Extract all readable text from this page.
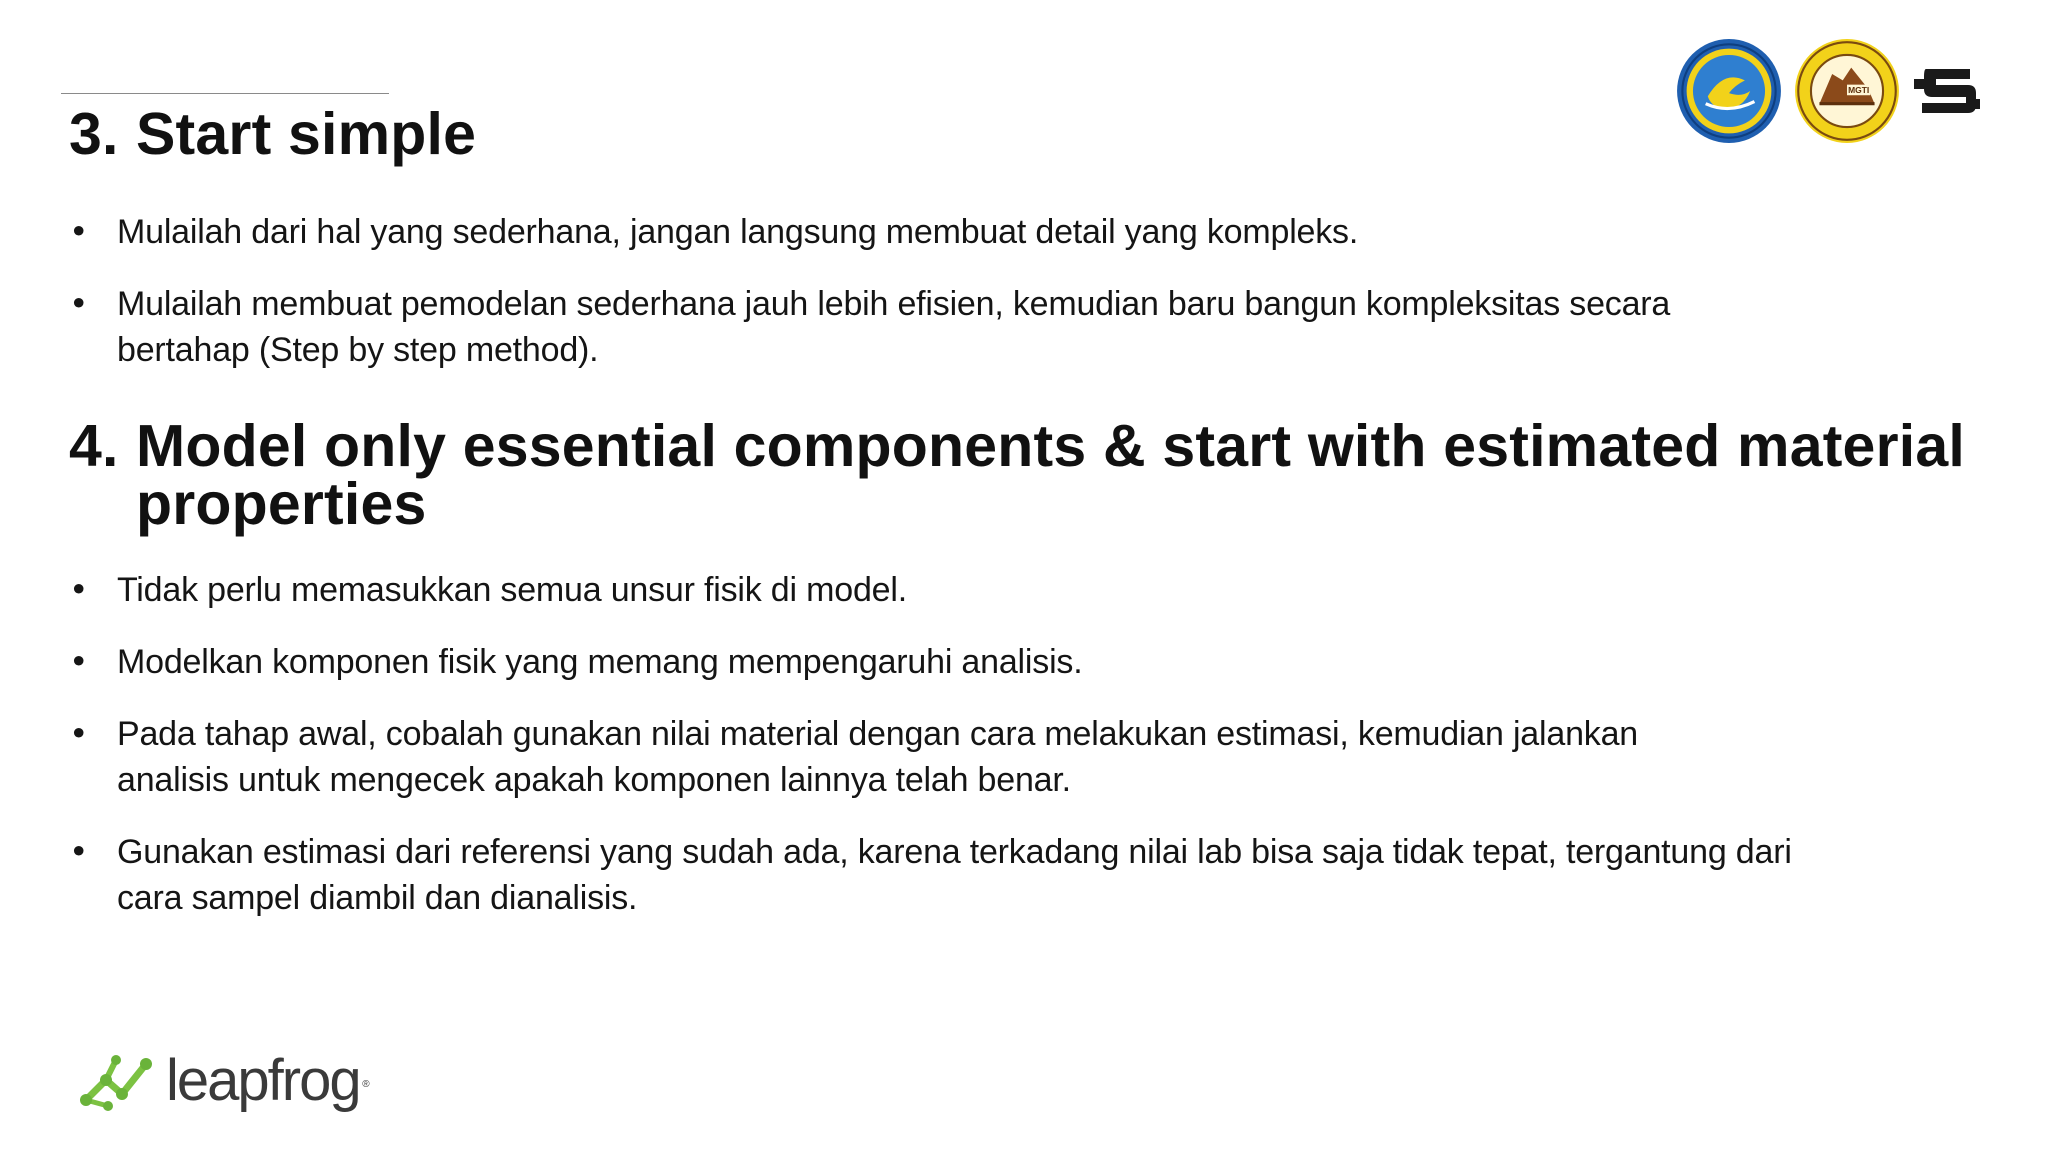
3. Start simple
• Mulailah dari hal yang sederhana, jangan langsung membuat detail yang kompleks.
• Mulailah membuat pemodelan sederhana jauh lebih efisien, kemudian baru bangun kompleksitas secara bertahap (Step by step method).
4. Model only essential components & start with estimated material
properties
• Tidak perlu memasukkan semua unsur fisik di model.
• Modelkan komponen fisik yang memang mempengaruhi analisis.
• Pada tahap awal, cobalah gunakan nilai material dengan cara melakukan estimasi, kemudian jalankan analisis untuk mengecek apakah komponen lainnya telah benar.
• Gunakan estimasi dari referensi yang sudah ada, karena terkadang nilai lab bisa saja tidak tepat, tergantung dari cara sampel diambil dan dianalisis.
MGTI
leapfrog ®
